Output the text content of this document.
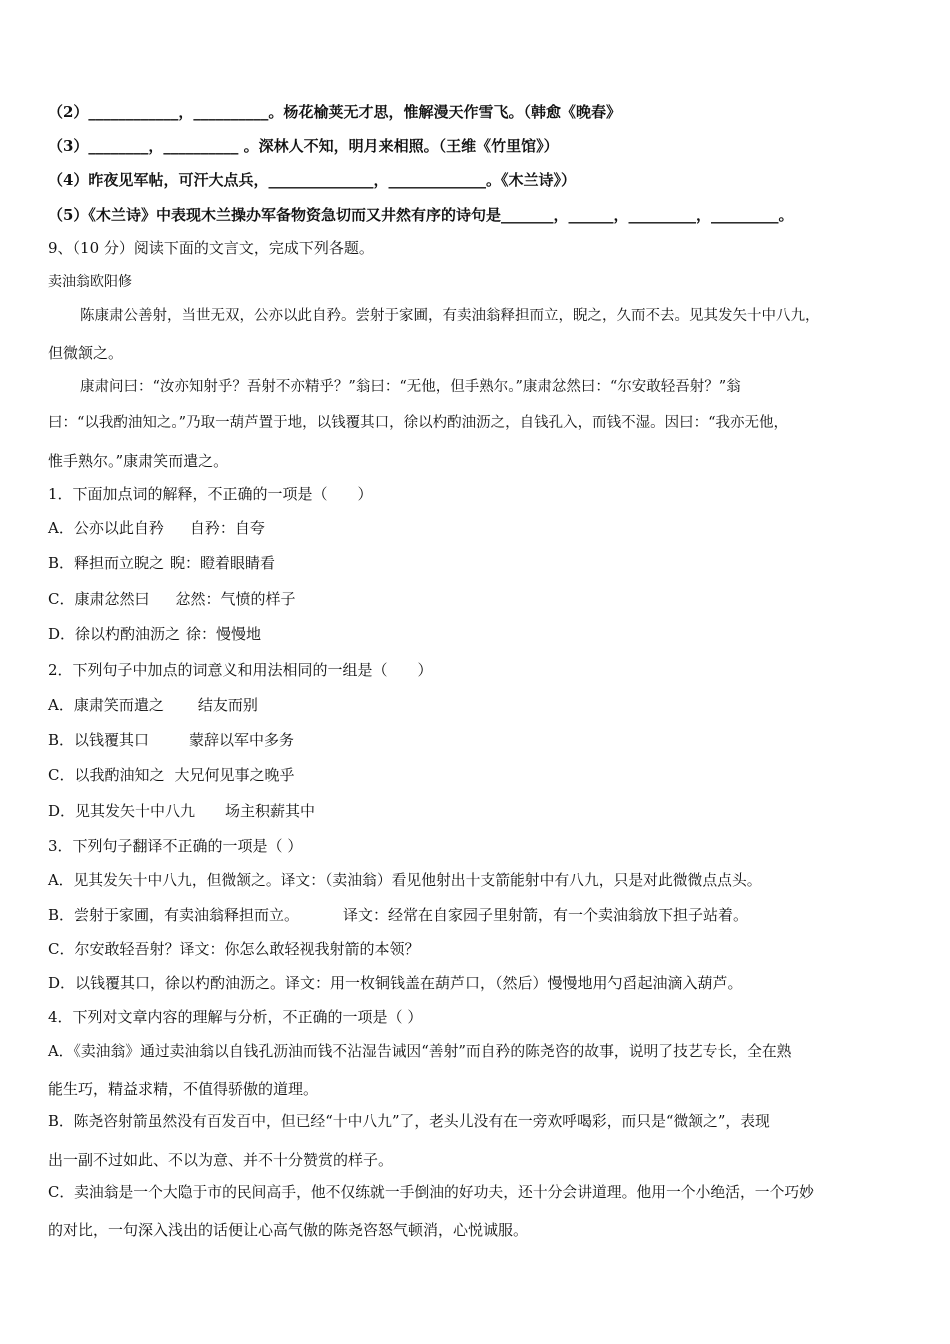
（2）____________，__________。杨花榆荚无才思，惟解漫天作雪飞。（韩愈《晚春》
（3）________，__________ 。深林人不知，明月来相照。（王维《竹里馆》）
（4）昨夜见军帖，可汗大点兵，______________，_____________。《木兰诗》）
（5）《木兰诗》中表现木兰操办军备物资急切而又井然有序的诗句是_______，______，_________，_________。
9、（10 分）阅读下面的文言文，完成下列各题。
卖油翁欧阳修
陈康肃公善射，当世无双，公亦以此自矜。尝射于家圃，有卖油翁释担而立，睨之，久而不去。见其发矢十中八九，
但微颔之。
康肃问曰：“汝亦知射乎？吾射不亦精乎？”翁曰：“无他，但手熟尔。”康肃忿然曰：“尔安敢轻吾射？”翁
曰：“以我酌油知之。”乃取一葫芦置于地，以钱覆其口，徐以杓酌油沥之，自钱孔入，而钱不湿。因曰：“我亦无他，
惟手熟尔。”康肃笑而遣之。
1．下面加点词的解释，不正确的一项是（　　）
A．公亦以此自矜 自矜：自夸
B．释担而立睨之 睨：瞪着眼睛看
C．康肃忿然曰 忿然：气愤的样子
D．徐以杓酌油沥之 徐：慢慢地
2．下列句子中加点的词意义和用法相同的一组是（　　）
A．康肃笑而遣之 结友而别
B．以钱覆其口	蒙辞以军中多务
C．以我酌油知之 大兄何见事之晚乎
D．见其发矢十中八九 场主积薪其中
3．下列句子翻译不正确的一项是（ ）
A．见其发矢十中八九，但微颔之。译文：（卖油翁）看见他射出十支箭能射中有八九，只是对此微微点点头。
B．尝射于家圃，有卖油翁释担而立。	译文：经常在自家园子里射箭，有一个卖油翁放下担子站着。
C．尔安敢轻吾射？译文：你怎么敢轻视我射箭的本领？
D．以钱覆其口，徐以杓酌油沥之。译文：用一枚铜钱盖在葫芦口，（然后）慢慢地用勺舀起油滴入葫芦。
4．下列对文章内容的理解与分析，不正确的一项是（ ）
A．《卖油翁》通过卖油翁以自钱孔沥油而钱不沾湿告诫因“善射”而自矜的陈尧咨的故事，说明了技艺专长，全在熟
能生巧，精益求精，不值得骄傲的道理。
B．陈尧咨射箭虽然没有百发百中，但已经“十中八九”了，老头儿没有在一旁欢呼喝彩，而只是“微颔之”，表现
出一副不过如此、不以为意、并不十分赞赏的样子。
C．卖油翁是一个大隐于市的民间高手，他不仅练就一手倒油的好功夫，还十分会讲道理。他用一个小绝活，一个巧妙
的对比，一句深入浅出的话便让心高气傲的陈尧咨怒气顿消，心悦诚服。
